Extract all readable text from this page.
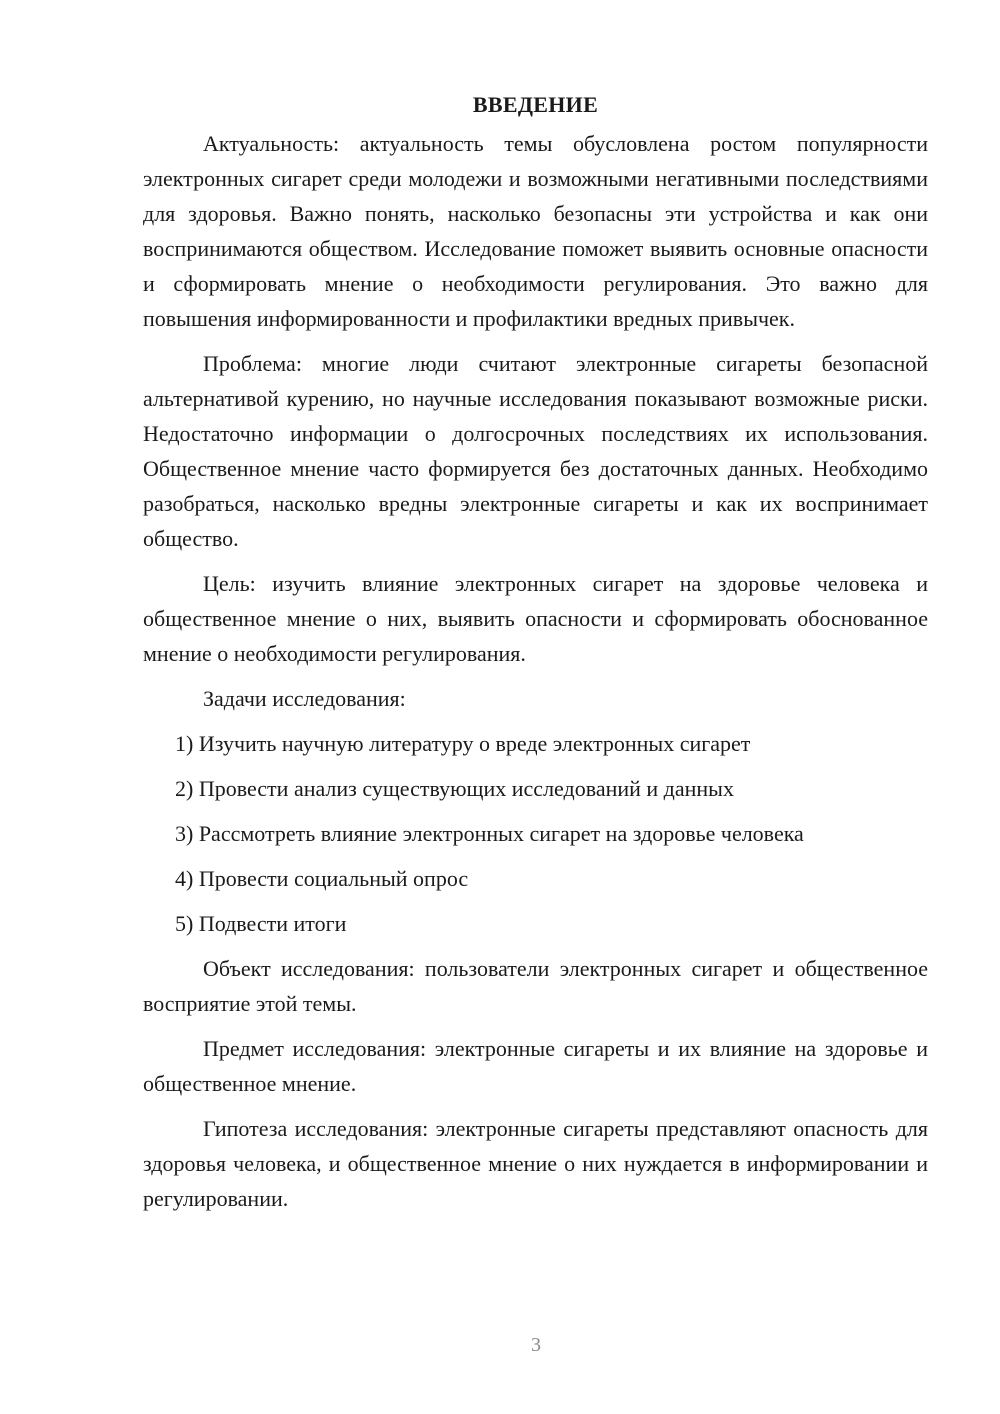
ВВЕДЕНИЕ

Актуальность: актуальность темы обусловлена ростом популярности электронных сигарет среди молодежи и возможными негативными последствиями для здоровья. Важно понять, насколько безопасны эти устройства и как они воспринимаются обществом. Исследование поможет выявить основные опасности и сформировать мнение о необходимости регулирования. Это важно для повышения информированности и профилактики вредных привычек.

Проблема: многие люди считают электронные сигареты безопасной альтернативой курению, но научные исследования показывают возможные риски. Недостаточно информации о долгосрочных последствиях их использования. Общественное мнение часто формируется без достаточных данных. Необходимо разобраться, насколько вредны электронные сигареты и как их воспринимает общество.

Цель: изучить влияние электронных сигарет на здоровье человека и общественное мнение о них, выявить опасности и сформировать обоснованное мнение о необходимости регулирования.

Задачи исследования:

1) Изучить научную литературу о вреде электронных сигарет
2) Провести анализ существующих исследований и данных
3) Рассмотреть влияние электронных сигарет на здоровье человека
4) Провести социальный опрос
5) Подвести итоги

Объект исследования: пользователи электронных сигарет и общественное восприятие этой темы.

Предмет исследования: электронные сигареты и их влияние на здоровье и общественное мнение.

Гипотеза исследования: электронные сигареты представляют опасность для здоровья человека, и общественное мнение о них нуждается в информировании и регулировании.

3
